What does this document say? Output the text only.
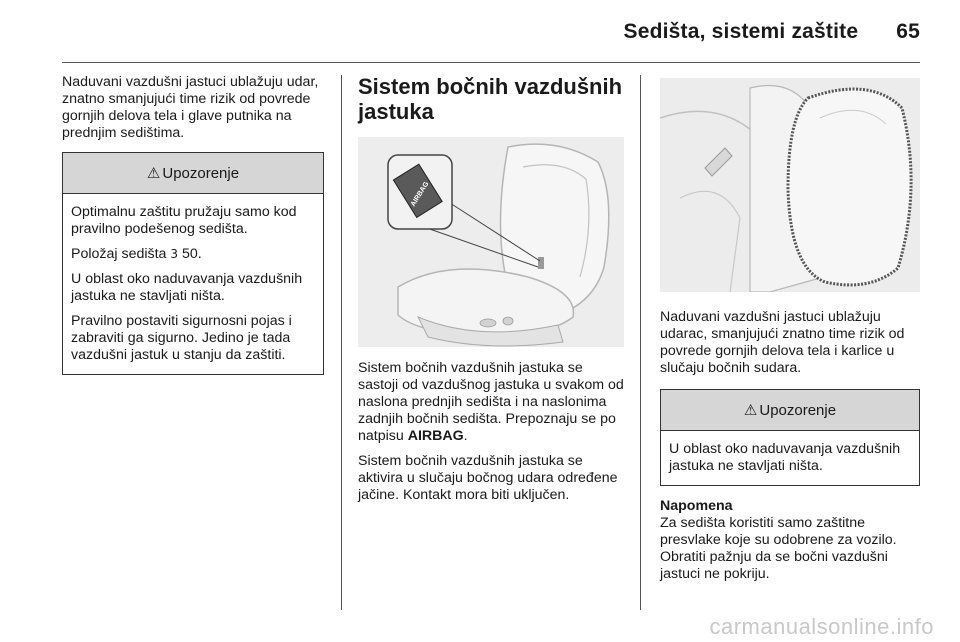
Sedišta, sistemi zaštite 65

Naduvani vazdušni jastuci ublažuju udar, znatno smanjujući time rizik od povrede gornjih delova tela i glave putnika na prednjim sedištima.

⚠ Upozorenje

Optimalnu zaštitu pružaju samo kod pravilno podešenog sedišta.

Položaj sedišta 3 50.

U oblast oko naduvavanja vazdušnih jastuka ne stavljati ništa.

Pravilno postaviti sigurnosni pojas i zabraviti ga sigurno. Jedino je tada vazdušni jastuk u stanju da zaštiti.

Sistem bočnih vazdušnih jastuka
AIRBAG

Sistem bočnih vazdušnih jastuka se sastoji od vazdušnog jastuka u svakom od naslona prednjih sedišta i na naslonima zadnjih bočnih sedišta. Prepoznaju se po natpisu AIRBAG.

Sistem bočnih vazdušnih jastuka se aktivira u slučaju bočnog udara određene jačine. Kontakt mora biti uključen.

Naduvani vazdušni jastuci ublažuju udarac, smanjujući znatno time rizik od povrede gornjih delova tela i karlice u slučaju bočnih sudara.

⚠ Upozorenje

U oblast oko naduvavanja vazdušnih jastuka ne stavljati ništa.

Napomena

Za sedišta koristiti samo zaštitne presvlake koje su odobrene za vozilo. Obratiti pažnju da se bočni vazdušni jastuci ne pokriju.

carmanualsonline.info
